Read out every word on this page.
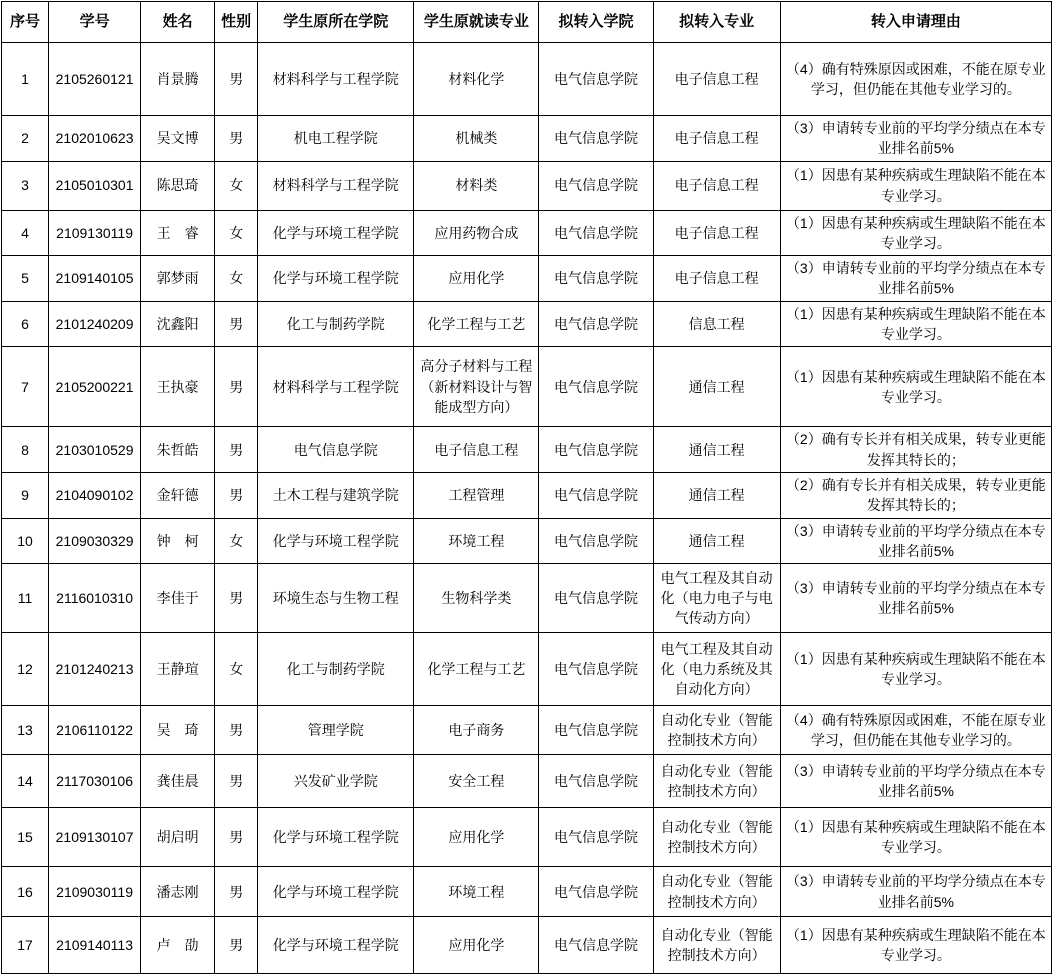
序号	学号	姓名	性别	学生原所在学院	学生原就读专业	拟转入学院	拟转入专业	转入申请理由
1	2105260121	肖景腾	男	材料科学与工程学院	材料化学	电气信息学院	电子信息工程	（4）确有特殊原因或困难，不能在原专业学习，但仍能在其他专业学习的。
2	2102010623	吴文博	男	机电工程学院	机械类	电气信息学院	电子信息工程	（3）申请转专业前的平均学分绩点在本专业排名前5%
3	2105010301	陈思琦	女	材料科学与工程学院	材料类	电气信息学院	电子信息工程	（1）因患有某种疾病或生理缺陷不能在本专业学习。
4	2109130119	王　睿	女	化学与环境工程学院	应用药物合成	电气信息学院	电子信息工程	（1）因患有某种疾病或生理缺陷不能在本专业学习。
5	2109140105	郭梦雨	女	化学与环境工程学院	应用化学	电气信息学院	电子信息工程	（3）申请转专业前的平均学分绩点在本专业排名前5%
6	2101240209	沈鑫阳	男	化工与制药学院	化学工程与工艺	电气信息学院	信息工程	（1）因患有某种疾病或生理缺陷不能在本专业学习。
7	2105200221	王执豪	男	材料科学与工程学院	高分子材料与工程（新材料设计与智能成型方向）	电气信息学院	通信工程	（1）因患有某种疾病或生理缺陷不能在本专业学习。
8	2103010529	朱哲皓	男	电气信息学院	电子信息工程	电气信息学院	通信工程	（2）确有专长并有相关成果，转专业更能发挥其特长的；
9	2104090102	金轩德	男	土木工程与建筑学院	工程管理	电气信息学院	通信工程	（2）确有专长并有相关成果，转专业更能发挥其特长的；
10	2109030329	钟　柯	女	化学与环境工程学院	环境工程	电气信息学院	通信工程	（3）申请转专业前的平均学分绩点在本专业排名前5%
11	2116010310	李佳于	男	环境生态与生物工程	生物科学类	电气信息学院	电气工程及其自动化（电力电子与电气传动方向）	（3）申请转专业前的平均学分绩点在本专业排名前5%
12	2101240213	王静瑄	女	化工与制药学院	化学工程与工艺	电气信息学院	电气工程及其自动化（电力系统及其自动化方向）	（1）因患有某种疾病或生理缺陷不能在本专业学习。
13	2106110122	吴　琦	男	管理学院	电子商务	电气信息学院	自动化专业（智能控制技术方向）	（4）确有特殊原因或困难，不能在原专业学习，但仍能在其他专业学习的。
14	2117030106	龚佳晨	男	兴发矿业学院	安全工程	电气信息学院	自动化专业（智能控制技术方向）	（3）申请转专业前的平均学分绩点在本专业排名前5%
15	2109130107	胡启明	男	化学与环境工程学院	应用化学	电气信息学院	自动化专业（智能控制技术方向）	（1）因患有某种疾病或生理缺陷不能在本专业学习。
16	2109030119	潘志刚	男	化学与环境工程学院	环境工程	电气信息学院	自动化专业（智能控制技术方向）	（3）申请转专业前的平均学分绩点在本专业排名前5%
17	2109140113	卢　劭	男	化学与环境工程学院	应用化学	电气信息学院	自动化专业（智能控制技术方向）	（1）因患有某种疾病或生理缺陷不能在本专业学习。
